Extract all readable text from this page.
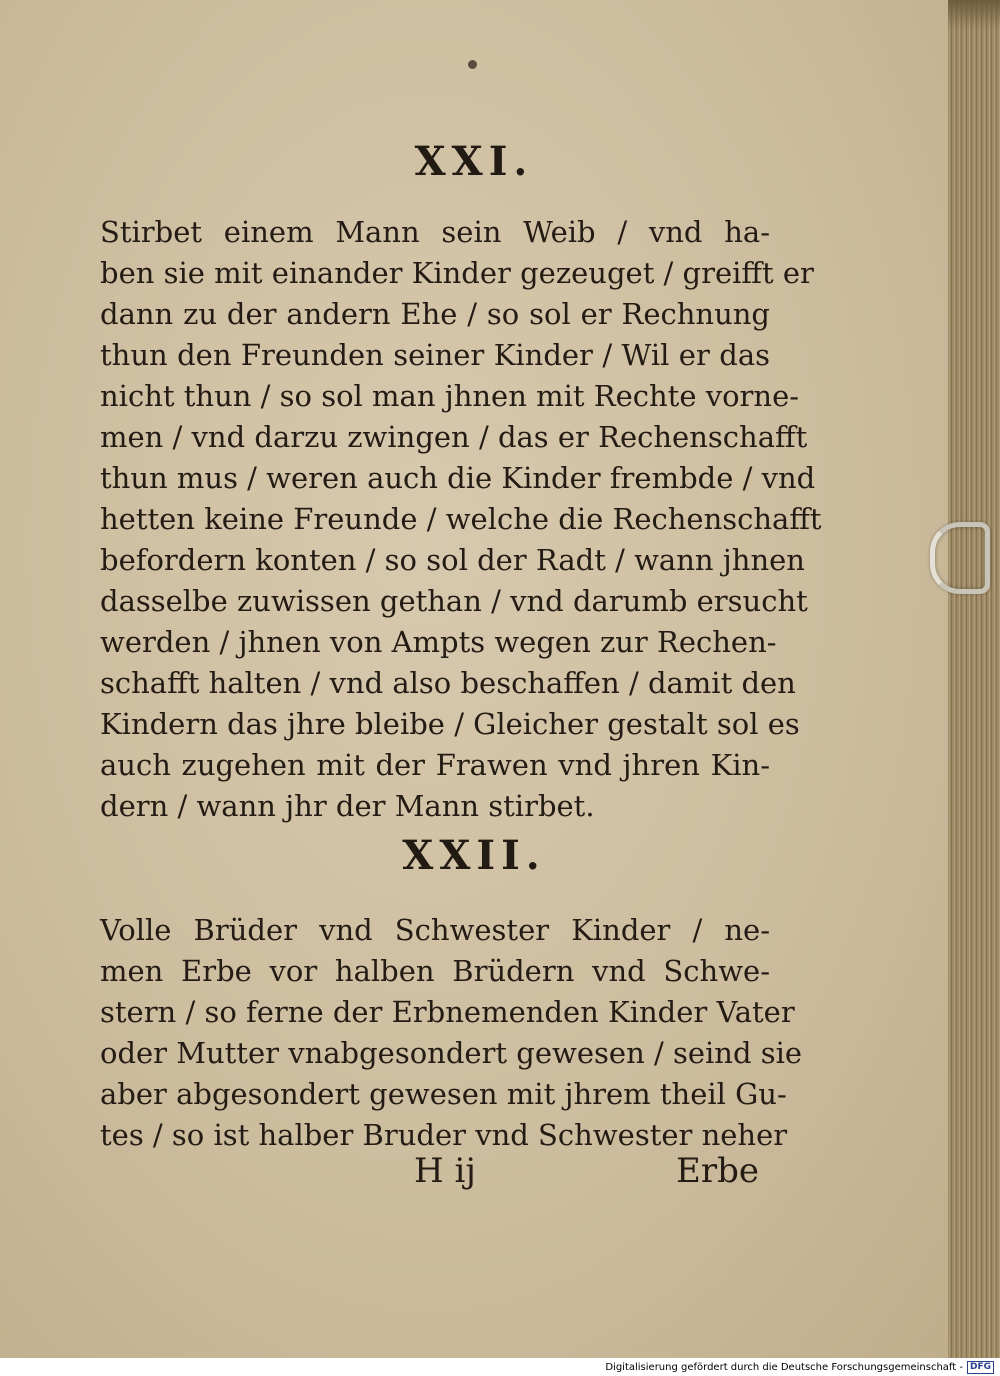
XXI.
Stirbet einem Mann sein Weib / vnd ha-
ben sie mit einander Kinder gezeuget / greifft er
dann zu der andern Ehe / so sol er Rechnung
thun den Freunden seiner Kinder / Wil er das
nicht thun / so sol man jhnen mit Rechte vorne-
men / vnd darzu zwingen / das er Rechenschafft
thun mus / weren auch die Kinder frembde / vnd
hetten keine Freunde / welche die Rechenschafft
befordern konten / so sol der Radt / wann jhnen
dasselbe zuwissen gethan / vnd darumb ersucht
werden / jhnen von Ampts wegen zur Rechen-
schafft halten / vnd also beschaffen / damit den
Kindern das jhre bleibe / Gleicher gestalt sol es
auch zugehen mit der Frawen vnd jhren Kin-
dern / wann jhr der Mann stirbet.
XXII.
Volle Brüder vnd Schwester Kinder / ne-
men Erbe vor halben Brüdern vnd Schwe-
stern / so ferne der Erbnemenden Kinder Vater
oder Mutter vnabgesondert gewesen / seind sie
aber abgesondert gewesen mit jhrem theil Gu-
tes / so ist halber Bruder vnd Schwester neher
H ij	Erbe
Digitalisierung gefördert durch die Deutsche Forschungsgemeinschaft - DFG
